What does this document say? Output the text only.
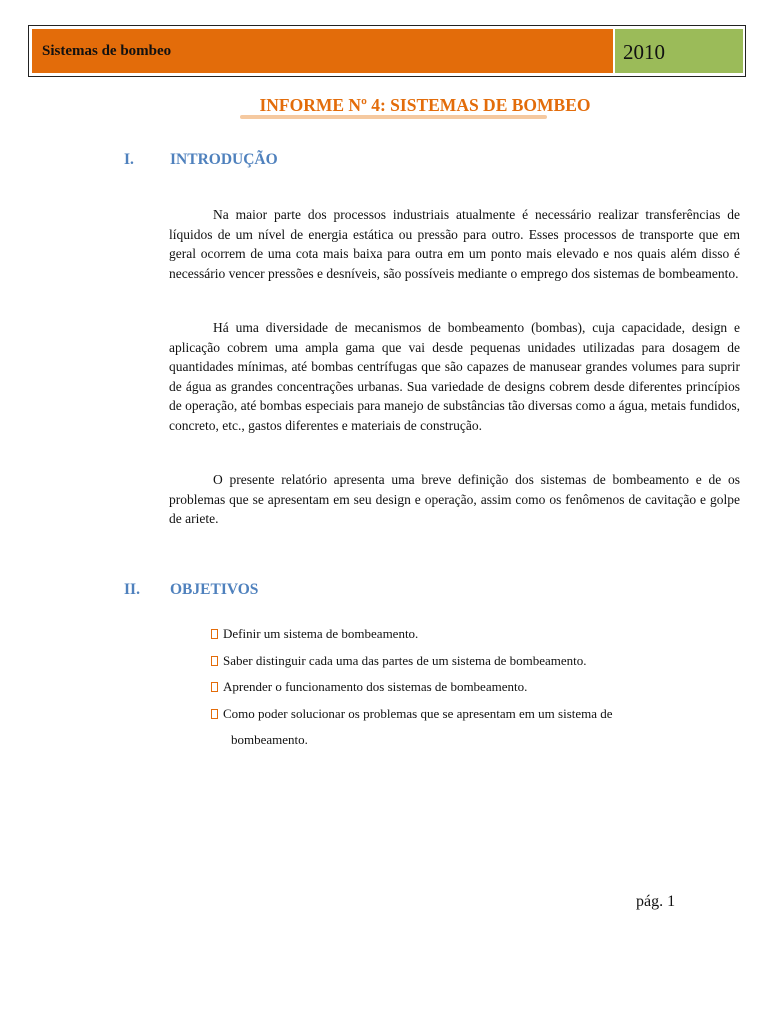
Sistemas de bombeo	2010
INFORME Nº 4: SISTEMAS DE BOMBEO
I. INTRODUÇÃO
Na maior parte dos processos industriais atualmente é necessário realizar transferências de líquidos de um nível de energia estática ou pressão para outro. Esses processos de transporte que em geral ocorrem de uma cota mais baixa para outra em um ponto mais elevado e nos quais além disso é necessário vencer pressões e desníveis, são possíveis mediante o emprego dos sistemas de bombeamento.
Há uma diversidade de mecanismos de bombeamento (bombas), cuja capacidade, design e aplicação cobrem uma ampla gama que vai desde pequenas unidades utilizadas para dosagem de quantidades mínimas, até bombas centrífugas que são capazes de manusear grandes volumes para suprir de água as grandes concentrações urbanas. Sua variedade de designs cobrem desde diferentes princípios de operação, até bombas especiais para manejo de substâncias tão diversas como a água, metais fundidos, concreto, etc., gastos diferentes e materiais de construção.
O presente relatório apresenta uma breve definição dos sistemas de bombeamento e de os problemas que se apresentam em seu design e operação, assim como os fenômenos de cavitação e golpe de ariete.
II. OBJETIVOS
Definir um sistema de bombeamento.
Saber distinguir cada uma das partes de um sistema de bombeamento.
Aprender o funcionamento dos sistemas de bombeamento.
Como poder solucionar os problemas que se apresentam em um sistema de
bombeamento.
pág. 1
